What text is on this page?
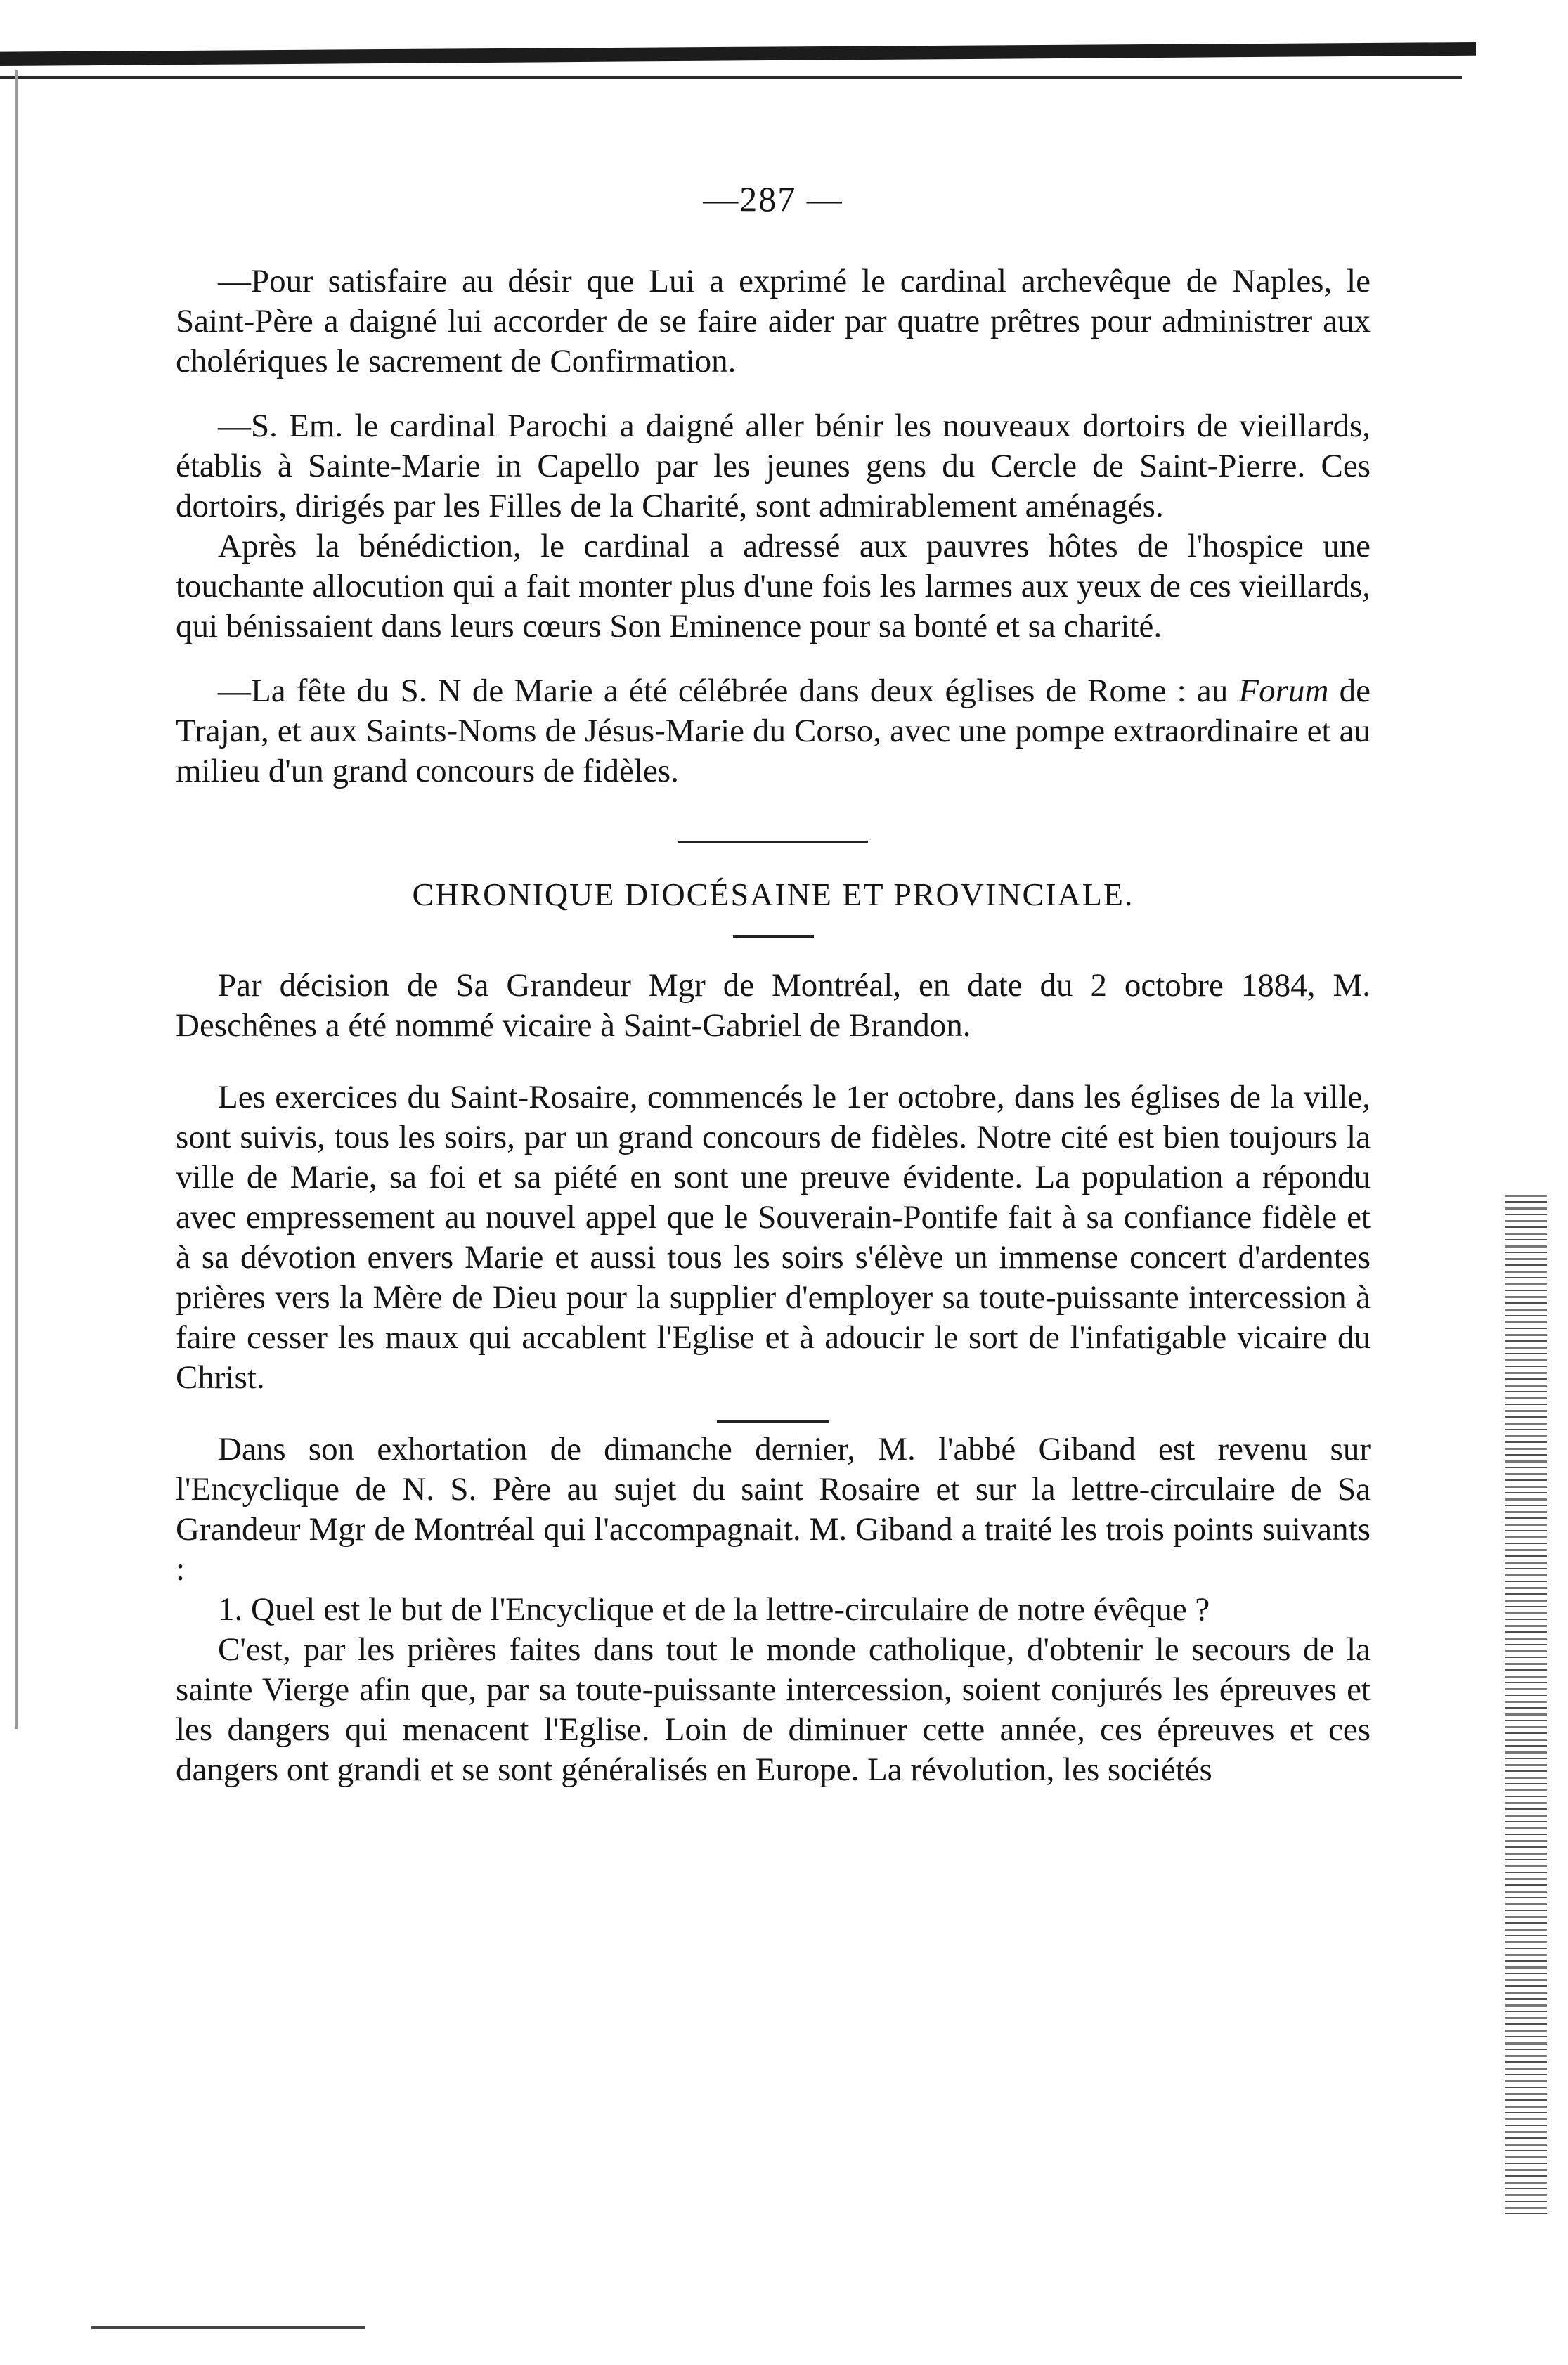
—287 —

—Pour satisfaire au désir que Lui a exprimé le cardinal archevêque de Naples, le Saint-Père a daigné lui accorder de se faire aider par quatre prêtres pour administrer aux cholériques le sacrement de Confirmation.

—S. Em. le cardinal Parochi a daigné aller bénir les nouveaux dortoirs de vieillards, établis à Sainte-Marie in Capello par les jeunes gens du Cercle de Saint-Pierre. Ces dortoirs, dirigés par les Filles de la Charité, sont admirablement aménagés.

Après la bénédiction, le cardinal a adressé aux pauvres hôtes de l'hospice une touchante allocution qui a fait monter plus d'une fois les larmes aux yeux de ces vieillards, qui bénissaient dans leurs cœurs Son Eminence pour sa bonté et sa charité.

—La fête du S. N de Marie a été célébrée dans deux églises de Rome : au Forum de Trajan, et aux Saints-Noms de Jésus-Marie du Corso, avec une pompe extraordinaire et au milieu d'un grand concours de fidèles.

CHRONIQUE DIOCÉSAINE ET PROVINCIALE.

Par décision de Sa Grandeur Mgr de Montréal, en date du 2 octobre 1884, M. Deschênes a été nommé vicaire à Saint-Gabriel de Brandon.

Les exercices du Saint-Rosaire, commencés le 1er octobre, dans les églises de la ville, sont suivis, tous les soirs, par un grand concours de fidèles. Notre cité est bien toujours la ville de Marie, sa foi et sa piété en sont une preuve évidente. La population a répondu avec empressement au nouvel appel que le Souverain-Pontife fait à sa confiance fidèle et à sa dévotion envers Marie et aussi tous les soirs s'élève un immense concert d'ardentes prières vers la Mère de Dieu pour la supplier d'employer sa toute-puissante intercession à faire cesser les maux qui accablent l'Eglise et à adoucir le sort de l'infatigable vicaire du Christ.

Dans son exhortation de dimanche dernier, M. l'abbé Giband est revenu sur l'Encyclique de N. S. Père au sujet du saint Rosaire et sur la lettre-circulaire de Sa Grandeur Mgr de Montréal qui l'accompagnait. M. Giband a traité les trois points suivants :

1. Quel est le but de l'Encyclique et de la lettre-circulaire de notre évêque ?

C'est, par les prières faites dans tout le monde catholique, d'obtenir le secours de la sainte Vierge afin que, par sa toute-puissante intercession, soient conjurés les épreuves et les dangers qui menacent l'Eglise. Loin de diminuer cette année, ces épreuves et ces dangers ont grandi et se sont généralisés en Europe. La révolution, les sociétés
